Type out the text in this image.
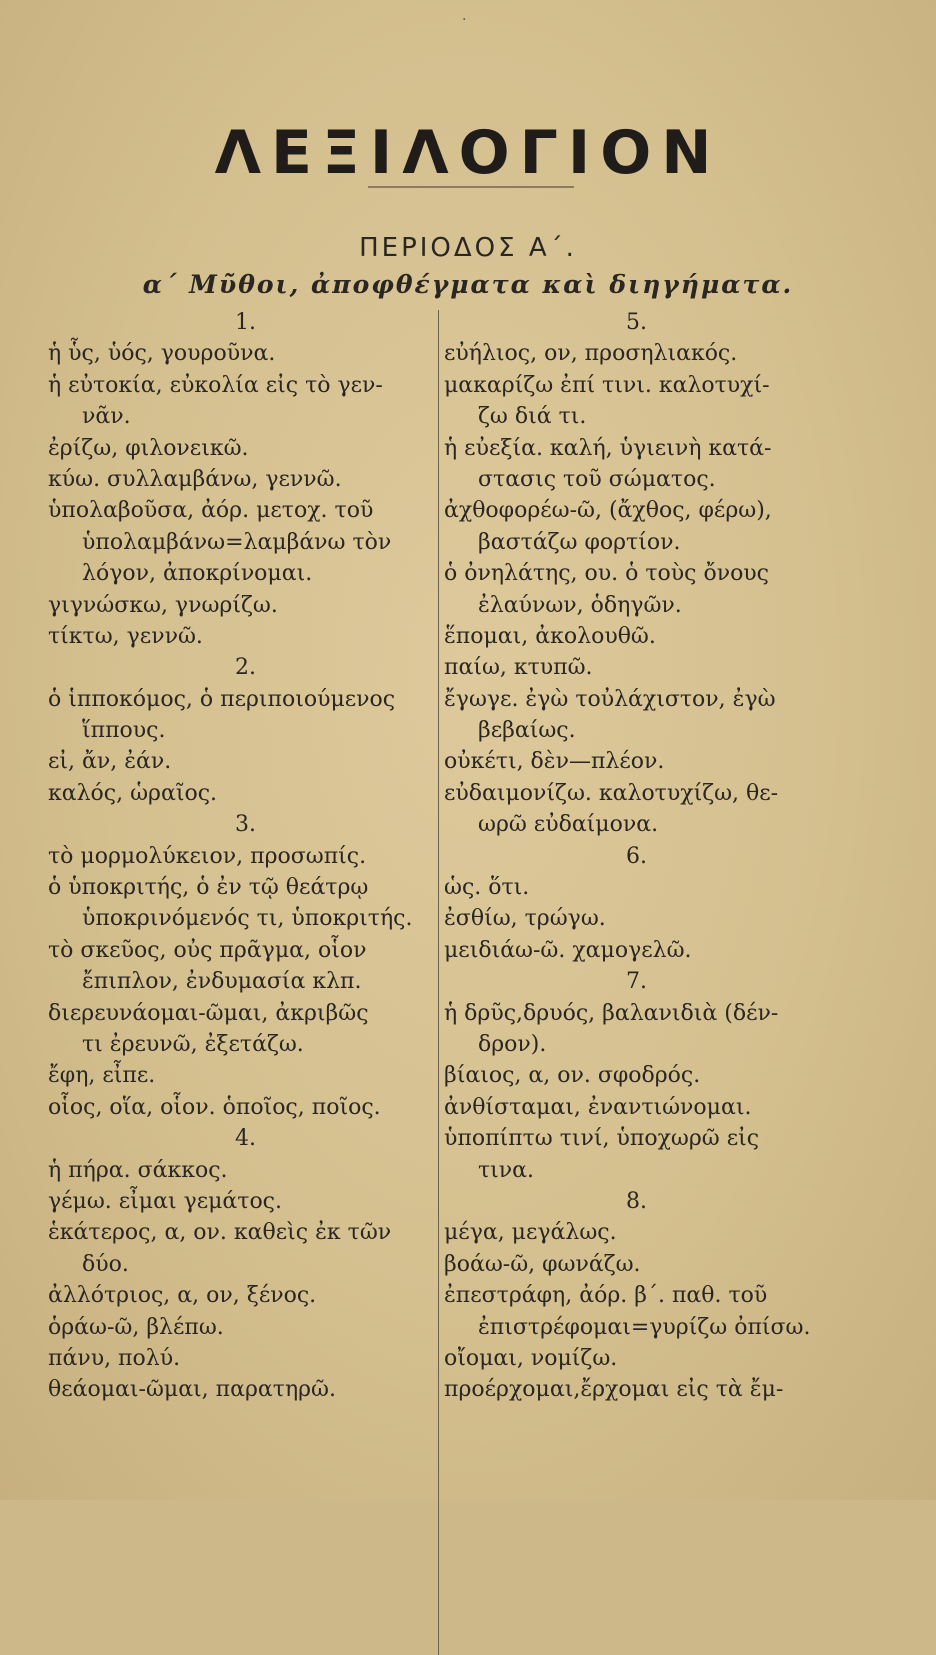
·
ΛΕΞΙΛΟΓΙΟΝ
ΠΕΡΙΟΔΟΣ Α΄.
α΄ Μῦθοι, ἀποφθέγματα καὶ διηγήματα.
1.
ἡ ὗς, ὑός, γουροῦνα.
ἡ εὐτοκία, εὐκολία εἰς τὸ γεν-
νᾶν.
ἐρίζω, φιλονεικῶ.
κύω. συλλαμβάνω, γεννῶ.
ὑπολαβοῦσα, ἀόρ. μετοχ. τοῦ
ὑπολαμβάνω=λαμβάνω τὸν
λόγον, ἀποκρίνομαι.
γιγνώσκω, γνωρίζω.
τίκτω, γεννῶ.
2.
ὁ ἱπποκόμος, ὁ περιποιούμενος
ἵππους.
εἰ, ἄν, ἐάν.
καλός, ὡραῖος.
3.
τὸ μορμολύκειον, προσωπίς.
ὁ ὑποκριτής, ὁ ἐν τῷ θεάτρῳ
ὑποκρινόμενός τι, ὑποκριτής.
τὸ σκεῦος, οὐς πρᾶγμα, οἷον
ἔπιπλον, ἐνδυμασία κλπ.
διερευνάομαι-ῶμαι, ἀκριβῶς
τι ἐρευνῶ, ἐξετάζω.
ἔφη, εἶπε.
οἷος, οἵα, οἷον. ὁποῖος, ποῖος.
4.
ἡ πήρα. σάκκος.
γέμω. εἶμαι γεμάτος.
ἑκάτερος, α, ον. καθεὶς ἐκ τῶν
δύο.
ἀλλότριος, α, ον, ξένος.
ὁράω-ῶ, βλέπω.
πάνυ, πολύ.
θεάομαι-ῶμαι, παρατηρῶ.
5.
εὐήλιος, ον, προσηλιακός.
μακαρίζω ἐπί τινι. καλοτυχί-
ζω διά τι.
ἡ εὐεξία. καλή, ὑγιεινὴ κατά-
στασις τοῦ σώματος.
ἀχθοφορέω-ῶ, (ἄχθος, φέρω),
βαστάζω φορτίον.
ὁ ὀνηλάτης, ου. ὁ τοὺς ὄνους
ἐλαύνων, ὁδηγῶν.
ἕπομαι, ἀκολουθῶ.
παίω, κτυπῶ.
ἔγωγε. ἐγὼ τοὐλάχιστον, ἐγὼ
βεβαίως.
οὐκέτι, δὲν—πλέον.
εὐδαιμονίζω. καλοτυχίζω, θε-
ωρῶ εὐδαίμονα.
6.
ὡς. ὅτι.
ἐσθίω, τρώγω.
μειδιάω-ῶ. χαμογελῶ.
7.
ἡ δρῦς,δρυός, βαλανιδιὰ (δέν-
δρον).
βίαιος, α, ον. σφοδρός.
ἀνθίσταμαι, ἐναντιώνομαι.
ὑποπίπτω τινί, ὑποχωρῶ εἰς
τινα.
8.
μέγα, μεγάλως.
βοάω-ῶ, φωνάζω.
ἐπεστράφη, ἀόρ. β΄. παθ. τοῦ
ἐπιστρέφομαι=γυρίζω ὀπίσω.
οἴομαι, νομίζω.
προέρχομαι,ἔρχομαι εἰς τὰ ἔμ-
